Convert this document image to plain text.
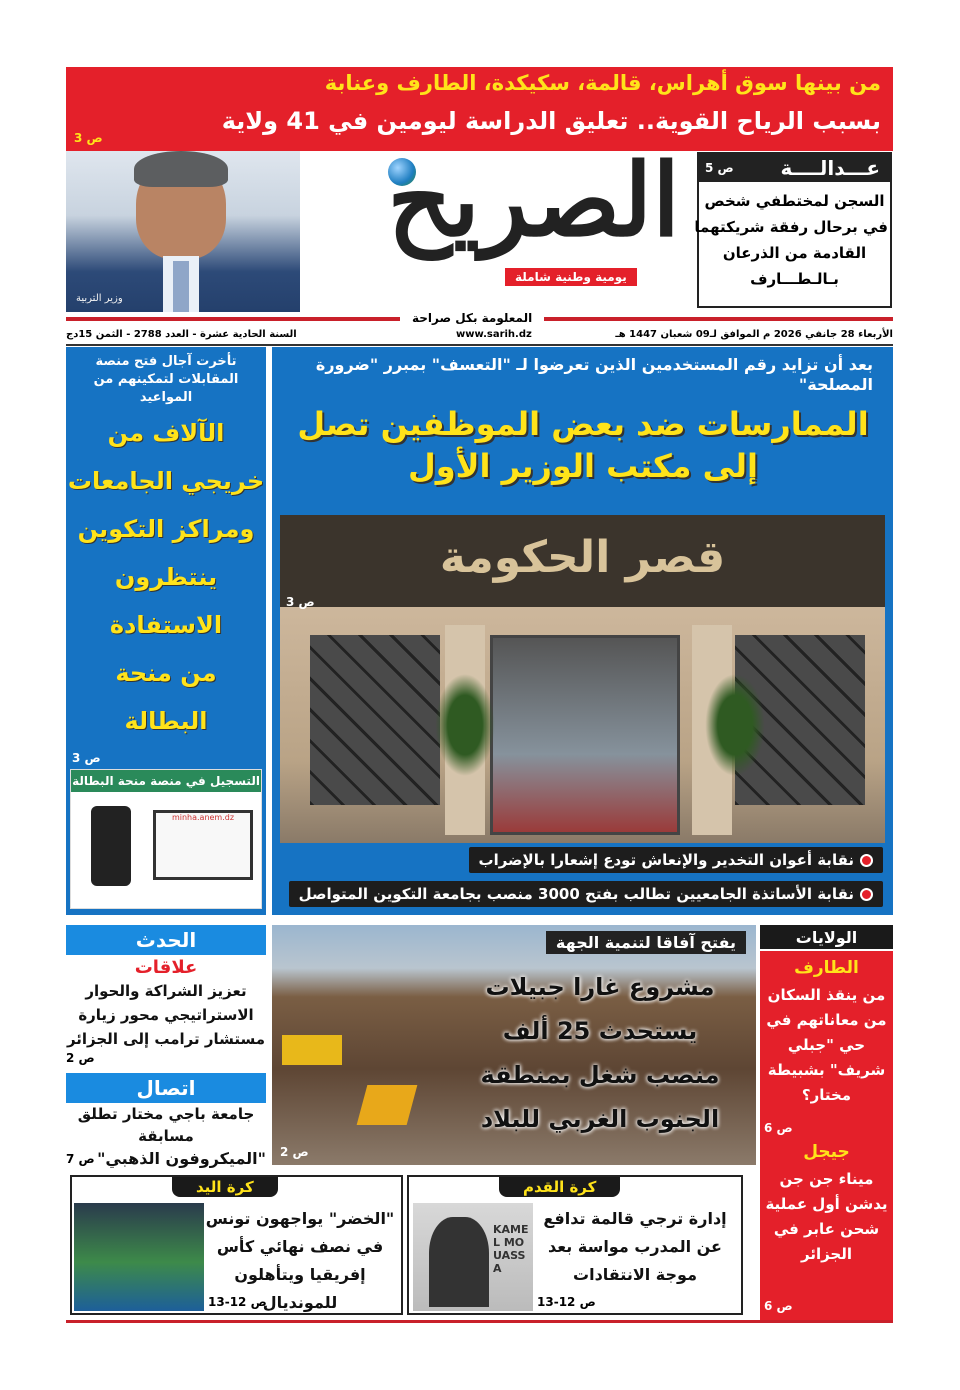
من بينها سوق أهراس، قالمة، سكيكدة، الطارف وعنابة
بسبب الرياح القوية.. تعليق الدراسة ليومين في 41 ولاية
ص 3
وزير التربية
الصريح
يومية وطنية شاملة
عـــدالــــة
ص 5
السجن لمختطفي شخص
في برحال رفقة شريكتهما
القادمة من الذرعان
بـالـطـــارف
المعلومة بكل صراحة
الأربعاء 28 جانفي 2026 م الموافق لـ09 شعبان 1447 هـ
www.sarih.dz
السنة الحادية عشرة - العدد 2788 - الثمن 15دج
بعد أن تزايد رقم المستخدمين الذين تعرضوا لـ "التعسف" بمبرر "ضرورة المصلحة"
الممارسات ضد بعض الموظفين تصل إلى مكتب الوزير الأول
قصر الحكومة
ص 3
نقابة أعوان التخدير والإنعاش تودع إشعارا بالإضراب
نقابة الأساتذة الجامعيين تطالب بفتح 3000 منصب بجامعة التكوين المتواصل
تأخرت آجال فتح منصة المقابلات لتمكينهم من المواعيد
الآلاف من
خريجي الجامعات
ومراكز التكوين
ينتظرون
الاستفادة
من منحة
البطالة
ص 3
التسجيل في منصة منحة البطالة
minha.anem.dz
الحدث
علاقات
تعزيز الشراكة والحوار الاستراتيجي محور زيارة مستشار ترامب إلى الجزائر
ص 2
اتصال
جامعة باجي مختار تطلق مسابقة
"الميكروفون الذهبي"
ص 7
يفتح آفاقا لتنمية الجهة
مشروع غارا جبيلات
يستحدث 25 ألف
منصب شغل بمنطقة
الجنوب الغربي للبلاد
ص 2
الولايات
الطارف
من ينقذ السكان من معاناتهم في حي "جبلي شريف" بشبيطة مختار؟
ص 6
جيجل
ميناء جن جن يدشن أول عملية شحن عابر في الجزائر
ص 6
كرة القدم
KAMEL MOUASSA
إدارة ترجي قالمة تدافع عن المدرب مواسة بعد موجة الانتقادات
ص 12-13
كرة اليد
"الخضر" يواجهون تونس في نصف نهائي كأس إفريقيا ويتأهلون للمونديال
ص 12-13
